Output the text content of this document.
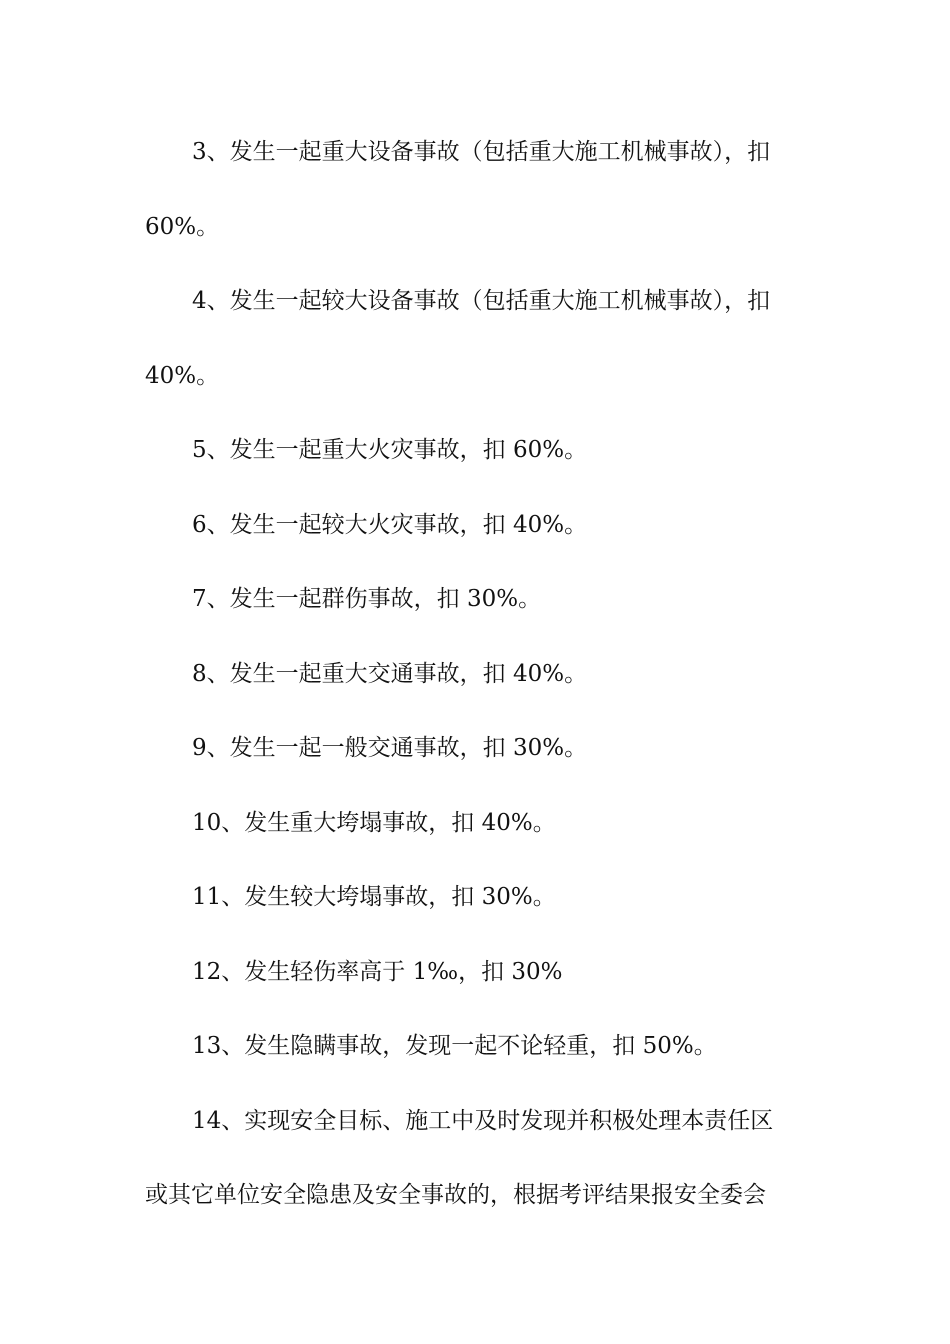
3、发生一起重大设备事故（包括重大施工机械事故），扣
60%。
4、发生一起较大设备事故（包括重大施工机械事故），扣
40%。
5、发生一起重大火灾事故，扣 60%。
6、发生一起较大火灾事故，扣 40%。
7、发生一起群伤事故，扣 30%。
8、发生一起重大交通事故，扣 40%。
9、发生一起一般交通事故，扣 30%。
10、发生重大垮塌事故，扣 40%。
11、发生较大垮塌事故，扣 30%。
12、发生轻伤率高于 1‰，扣 30%
13、发生隐瞒事故，发现一起不论轻重，扣 50%。
14、实现安全目标、施工中及时发现并积极处理本责任区
或其它单位安全隐患及安全事故的，根据考评结果报安全委会
